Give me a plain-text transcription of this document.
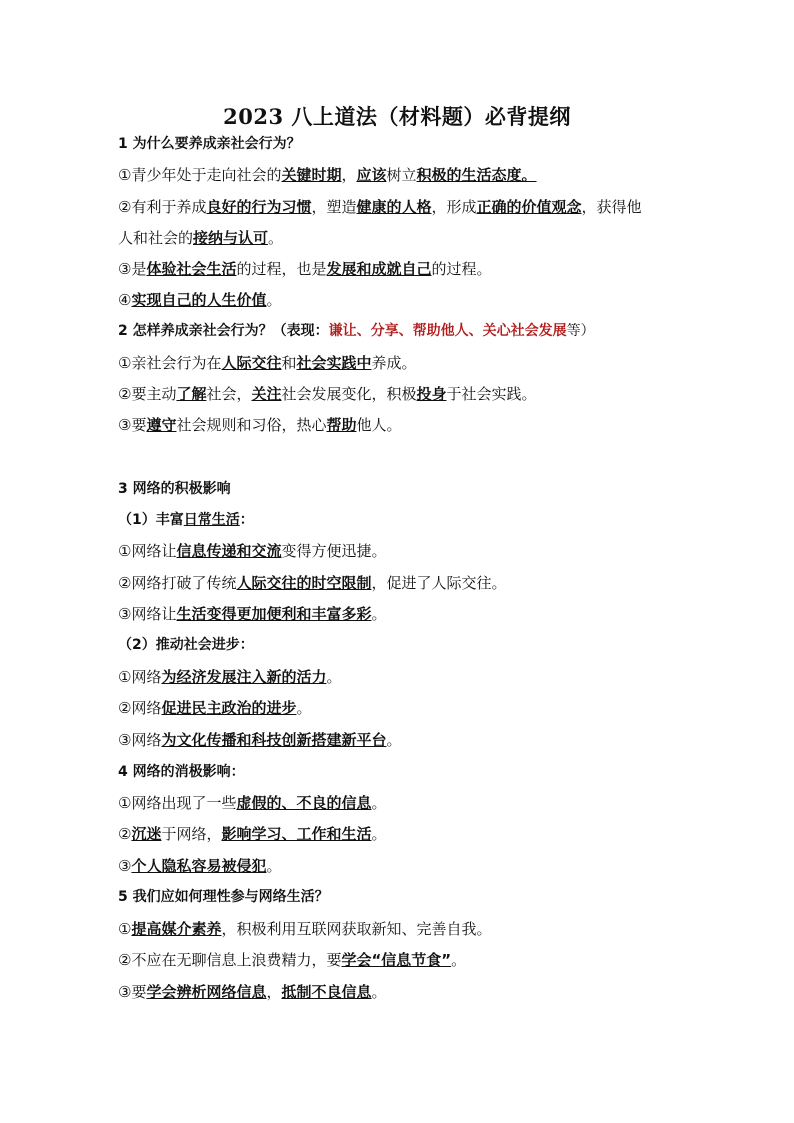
2023 八上道法（材料题）必背提纲
1 为什么要养成亲社会行为？
①青少年处于走向社会的关键时期，应该树立积极的生活态度。
②有利于养成良好的行为习惯，塑造健康的人格，形成正确的价值观念，获得他
人和社会的接纳与认可。
③是体验社会生活的过程，也是发展和成就自己的过程。
④实现自己的人生价值。
2 怎样养成亲社会行为？（表现：谦让、分享、帮助他人、关心社会发展等）
①亲社会行为在人际交往和社会实践中养成。
②要主动了解社会，关注社会发展变化，积极投身于社会实践。
③要遵守社会规则和习俗，热心帮助他人。
3 网络的积极影响
（1）丰富日常生活：
①网络让信息传递和交流变得方便迅捷。
②网络打破了传统人际交往的时空限制，促进了人际交往。
③网络让生活变得更加便利和丰富多彩。
（2）推动社会进步：
①网络为经济发展注入新的活力。
②网络促进民主政治的进步。
③网络为文化传播和科技创新搭建新平台。
4 网络的消极影响：
①网络出现了一些虚假的、不良的信息。
②沉迷于网络，影响学习、工作和生活。
③个人隐私容易被侵犯。
5 我们应如何理性参与网络生活？
①提高媒介素养，积极利用互联网获取新知、完善自我。
②不应在无聊信息上浪费精力，要学会“信息节食”。
③要学会辨析网络信息，抵制不良信息。
